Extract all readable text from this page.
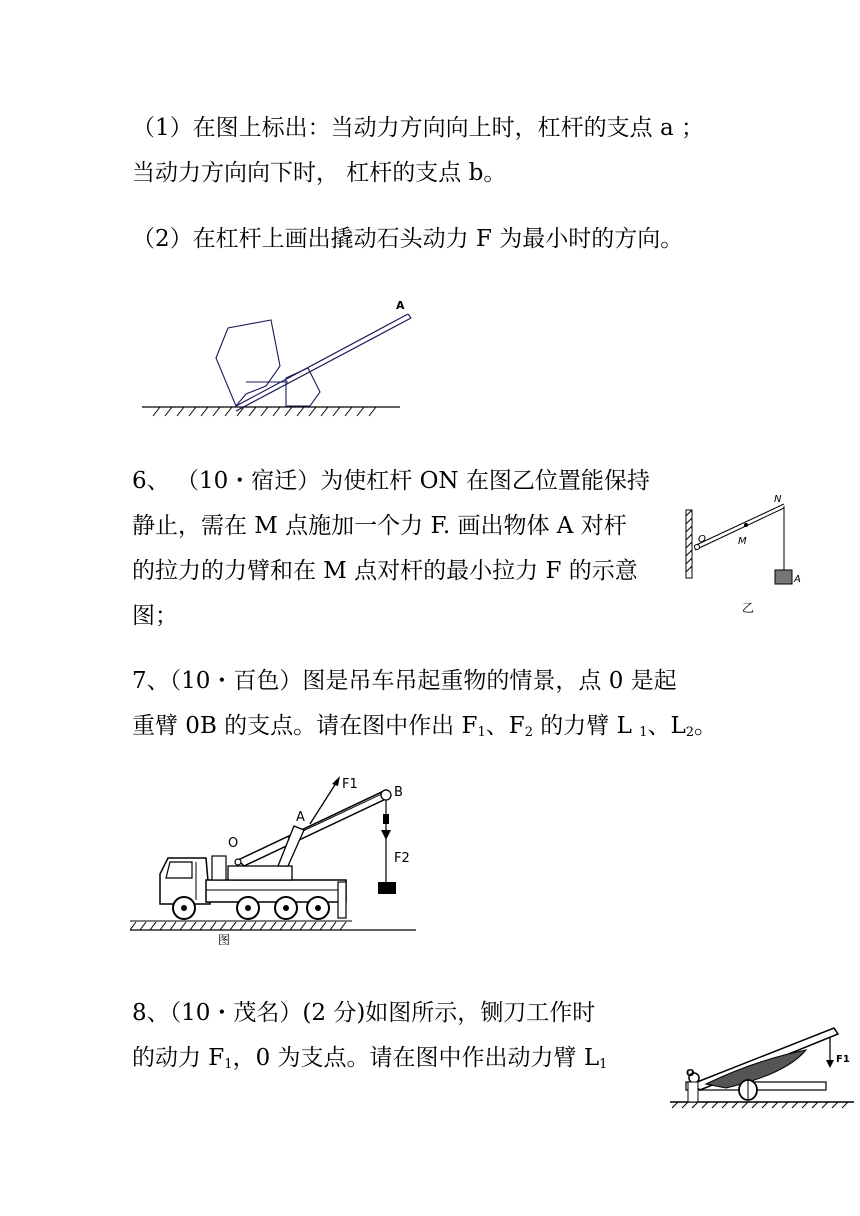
（1）在图上标出：当动力方向向上时，杠杆的支点 a ；
当动力方向向下时， 杠杆的支点 b。
（2）在杠杆上画出撬动石头动力 F 为最小时的方向。
A
6、 （10・宿迁）为使杠杆 ON 在图乙位置能保持
静止，需在 M 点施加一个力 F. 画出物体 A 对杆
的拉力的力臂和在 M 点对杆的最小拉力 F 的示意
图；
O	M
N
A
乙
7、（10・百色）图是吊车吊起重物的情景，点 0 是起
重臂 0B 的支点。请在图中作出 $F_1$、$F_2$ 的力臂 L $_1$、$L_2$。
F1
B
A
O
F2
图
8、（10・茂名）(2 分)如图所示，铡刀工作时
的动力 $F_1$，0 为支点。请在图中作出动力臂 $L_1$
O
F1
